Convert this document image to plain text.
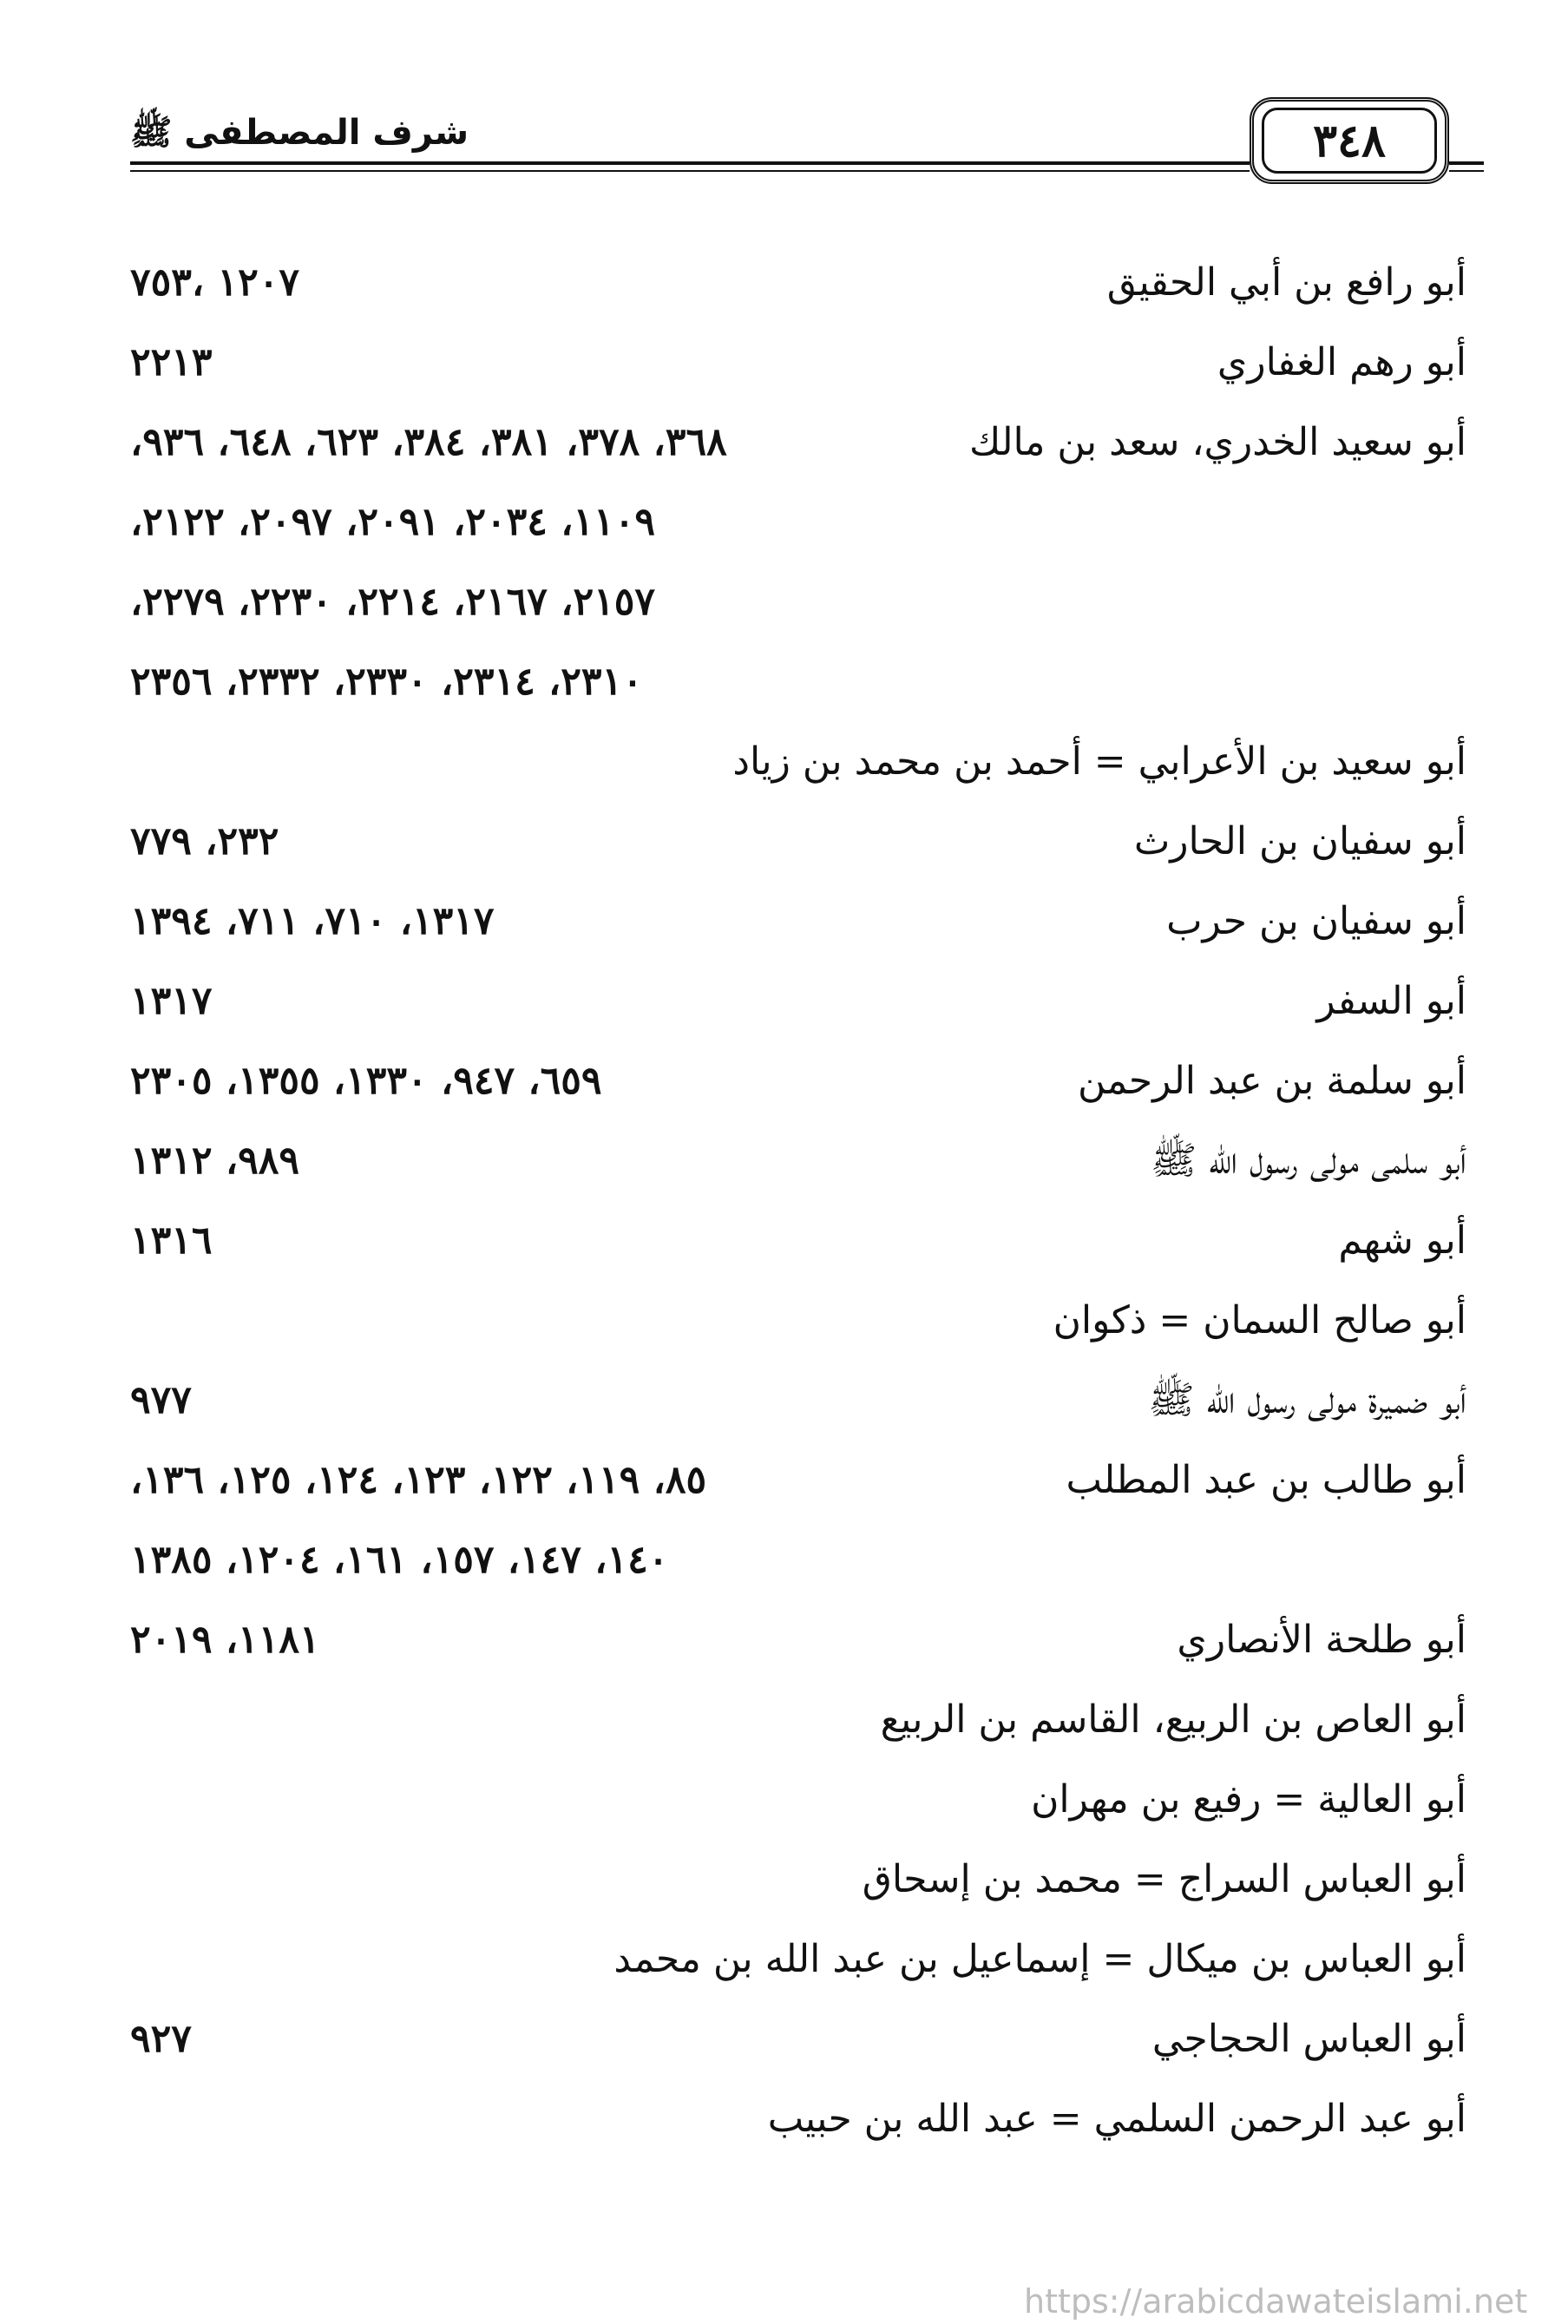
شرف المصطفى ﷺ	٣٤٨
أبو رافع بن أبي الحقيق
١٢٠٧ ،٧٥٣
أبو رهم الغفاري
٢٢١٣
أبو سعيد الخدري، سعد بن مالك
٣٦٨، ٣٧٨، ٣٨١، ٣٨٤، ٦٢٣، ٦٤٨، ٩٣٦،
١١٠٩، ٢٠٣٤، ٢٠٩١، ٢٠٩٧، ٢١٢٢،
٢١٥٧، ٢١٦٧، ٢٢١٤، ٢٢٣٠، ٢٢٧٩،
٢٣١٠، ٢٣١٤، ٢٣٣٠، ٢٣٣٢، ٢٣٥٦
أبو سعيد بن الأعرابي = أحمد بن محمد بن زياد
أبو سفيان بن الحارث
٢٣٢، ٧٧٩
أبو سفيان بن حرب
١٣١٧، ٧١٠، ٧١١، ١٣٩٤
أبو السفر
١٣١٧
أبو سلمة بن عبد الرحمن
٦٥٩، ٩٤٧، ١٣٣٠، ١٣٥٥، ٢٣٠٥
أبو سلمى مولى رسول الله ﷺ
٩٨٩، ١٣١٢
أبو شهم
١٣١٦
أبو صالح السمان = ذكوان
أبو ضميرة مولى رسول الله ﷺ
٩٧٧
أبو طالب بن عبد المطلب
٨٥، ١١٩، ١٢٢، ١٢٣، ١٢٤، ١٢٥، ١٣٦،
١٤٠، ١٤٧، ١٥٧، ١٦١، ١٢٠٤، ١٣٨٥
أبو طلحة الأنصاري
١١٨١، ٢٠١٩
أبو العاص بن الربيع، القاسم بن الربيع
أبو العالية = رفيع بن مهران
أبو العباس السراج = محمد بن إسحاق
أبو العباس بن ميكال = إسماعيل بن عبد الله بن محمد
أبو العباس الحجاجي
٩٢٧
أبو عبد الرحمن السلمي = عبد الله بن حبيب
https://arabicdawateislami.net
